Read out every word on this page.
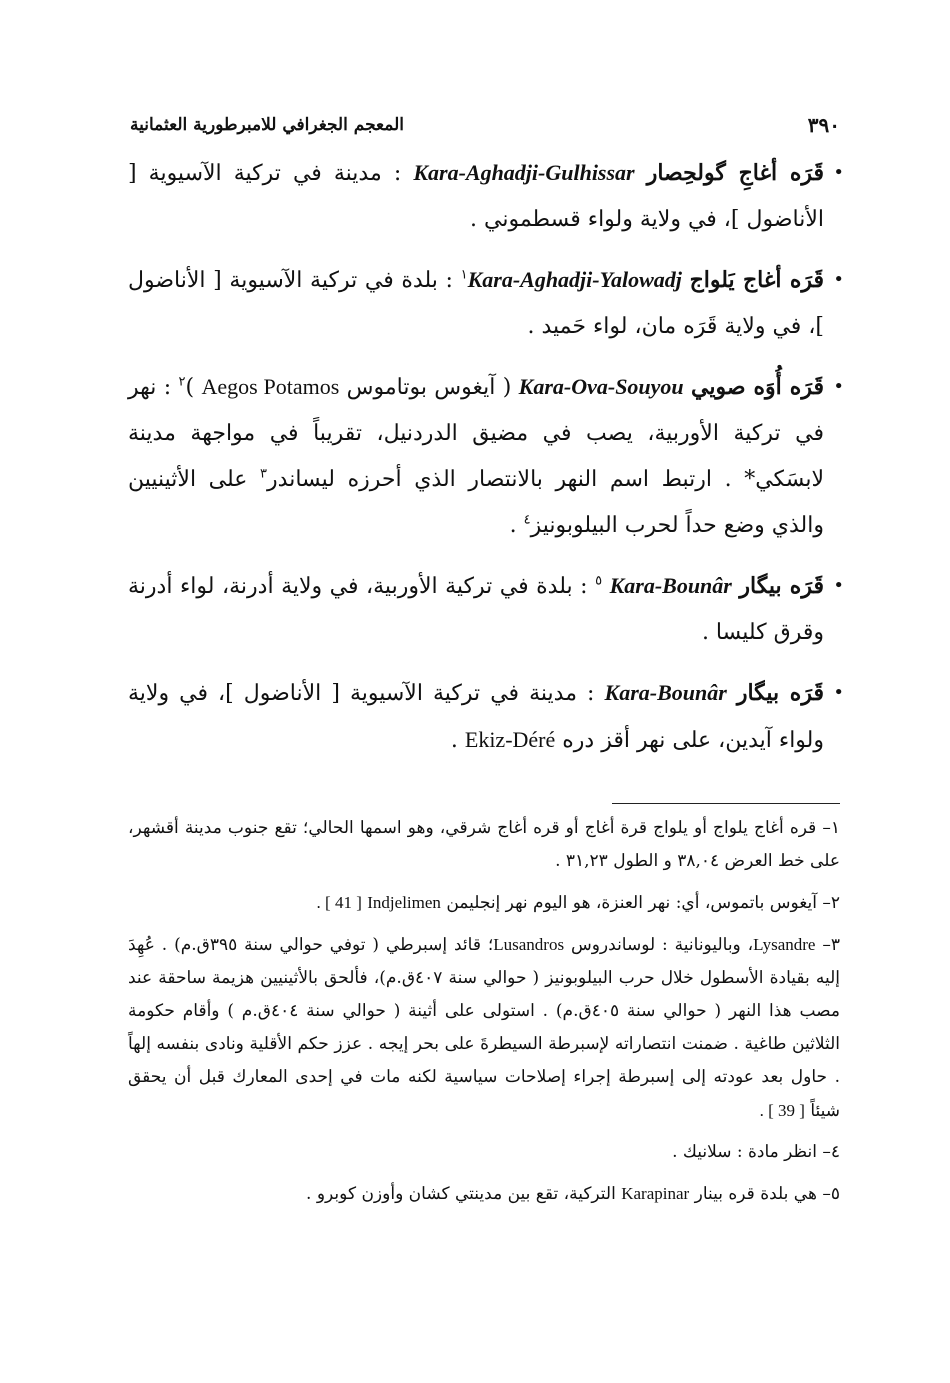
٣٩٠
المعجم الجغرافي للامبرطورية العثمانية
•
قَرَه أغاجِ گولحِصار Kara-Aghadji-Gulhissar : مدينة في تركية الآسيوية [ الأناضول ]، في ولاية ولواء قسطموني .
•
قَرَه أغاج يَلواج Kara-Aghadji-Yalowadj$^١$ : بلدة في تركية الآسيوية [ الأناضول ]، في ولاية قَرَه مان، لواء حَميد .
•
قَرَه أُوَه صويي Kara-Ova-Souyou ( آيغوس بوتاموس Aegos Potamos )$^٢$ : نهر في تركية الأوربية، يصب في مضيق الدردنيل، تقريباً في مواجهة مدينة لابسَكي* . ارتبط اسم النهر بالانتصار الذي أحرزه ليساندر$^٣$ على الأثينيين والذي وضع حداً لحرب البيلوبونيز$^٤$ .
•
قَرَه بيگار Kara-Bounâr $^٥$ : بلدة في تركية الأوربية، في ولاية أدرنة، لواء أدرنة وقرق كليسا .
•
قَرَه بيگار Kara-Bounâr : مدينة في تركية الآسيوية [ الأناضول ]، في ولاية ولواء آيدين، على نهر أقز دره Ekiz-Déré .
١– قره أغاج يلواج أو يلواج قرة أغاج أو قره أغاج شرقي، وهو اسمها الحالي؛ تقع جنوب مدينة أقشهر، على خط العرض ٣٨,٠٤ و الطول ٣١,٢٣ .
٢– آيغوس باتموس، أي: نهر العنزة، هو اليوم نهر إنجليمن Indjelimen [ 41 ] .
٣– Lysandre، وباليونانية : لوساندروس Lusandros؛ قائد إسبرطي ( توفي حوالي سنة ٣٩٥ق.م) . عُهِدَ إليه بقيادة الأسطول خلال حرب البيلوبونيز ( حوالي سنة ٤٠٧ق.م)، فألحق بالأثينيين هزيمة ساحقة عند مصب هذا النهر ( حوالي سنة ٤٠٥ق.م) . استولى على أثينة ( حوالي سنة ٤٠٤ق.م ) وأقام حكومة الثلاثين طاغية . ضمنت انتصاراته لإسبرطة السيطرةَ على بحر إيجه . عزز حكم الأقلية ونادى بنفسه إلهاً . حاول بعد عودته إلى إسبرطة إجراء إصلاحات سياسية لكنه مات في إحدى المعارك قبل أن يحقق شيئاً [ 39 ] .
٤– انظر مادة : سلانيك .
٥– هي بلدة قره بينار Karapinar التركية، تقع بين مدينتي كشان وأوزن كوبرو .
